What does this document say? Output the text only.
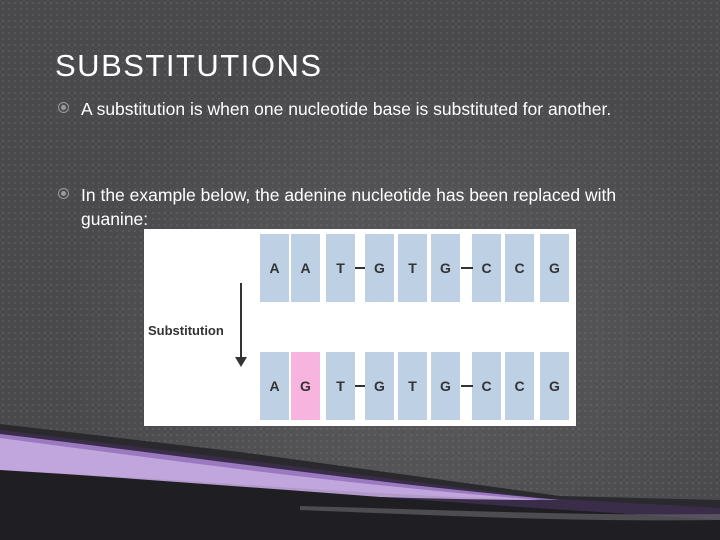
SUBSTITUTIONS
A substitution is when one nucleotide base is substituted for another.
In the example below, the adenine nucleotide has been replaced with guanine:
A	A	T	G	T	G	C	C	G
Substitution
A	G	T	G	T	G	C	C	G
